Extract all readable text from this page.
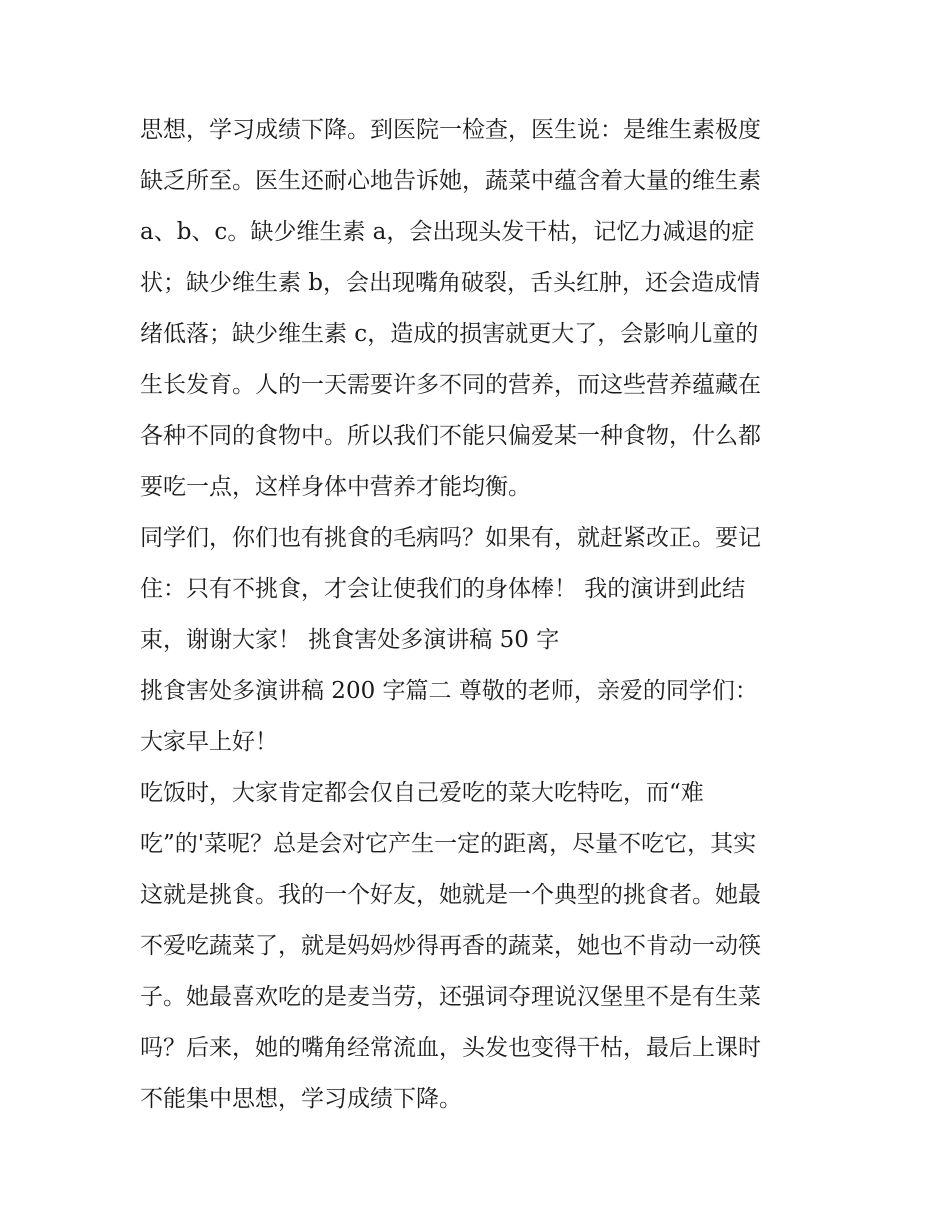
思想，学习成绩下降。到医院一检查，医生说：是维生素极度
缺乏所至。医生还耐心地告诉她，蔬菜中蕴含着大量的维生素
a、b、c。缺少维生素 a，会出现头发干枯，记忆力减退的症
状；缺少维生素 b，会出现嘴角破裂，舌头红肿，还会造成情
绪低落；缺少维生素 c，造成的损害就更大了，会影响儿童的
生长发育。人的一天需要许多不同的营养，而这些营养蕴藏在
各种不同的食物中。所以我们不能只偏爱某一种食物，什么都
要吃一点，这样身体中营养才能均衡。
同学们，你们也有挑食的毛病吗？如果有，就赶紧改正。要记
住：只有不挑食，才会让使我们的身体棒！ 我的演讲到此结
束，谢谢大家！ 挑食害处多演讲稿 50 字
挑食害处多演讲稿 200 字篇二 尊敬的老师，亲爱的同学们：
大家早上好！
吃饭时，大家肯定都会仅自己爱吃的菜大吃特吃，而“难
吃”的'菜呢？总是会对它产生一定的距离，尽量不吃它，其实
这就是挑食。我的一个好友，她就是一个典型的挑食者。她最
不爱吃蔬菜了，就是妈妈炒得再香的蔬菜，她也不肯动一动筷
子。她最喜欢吃的是麦当劳，还强词夺理说汉堡里不是有生菜
吗？后来，她的嘴角经常流血，头发也变得干枯，最后上课时
不能集中思想，学习成绩下降。
